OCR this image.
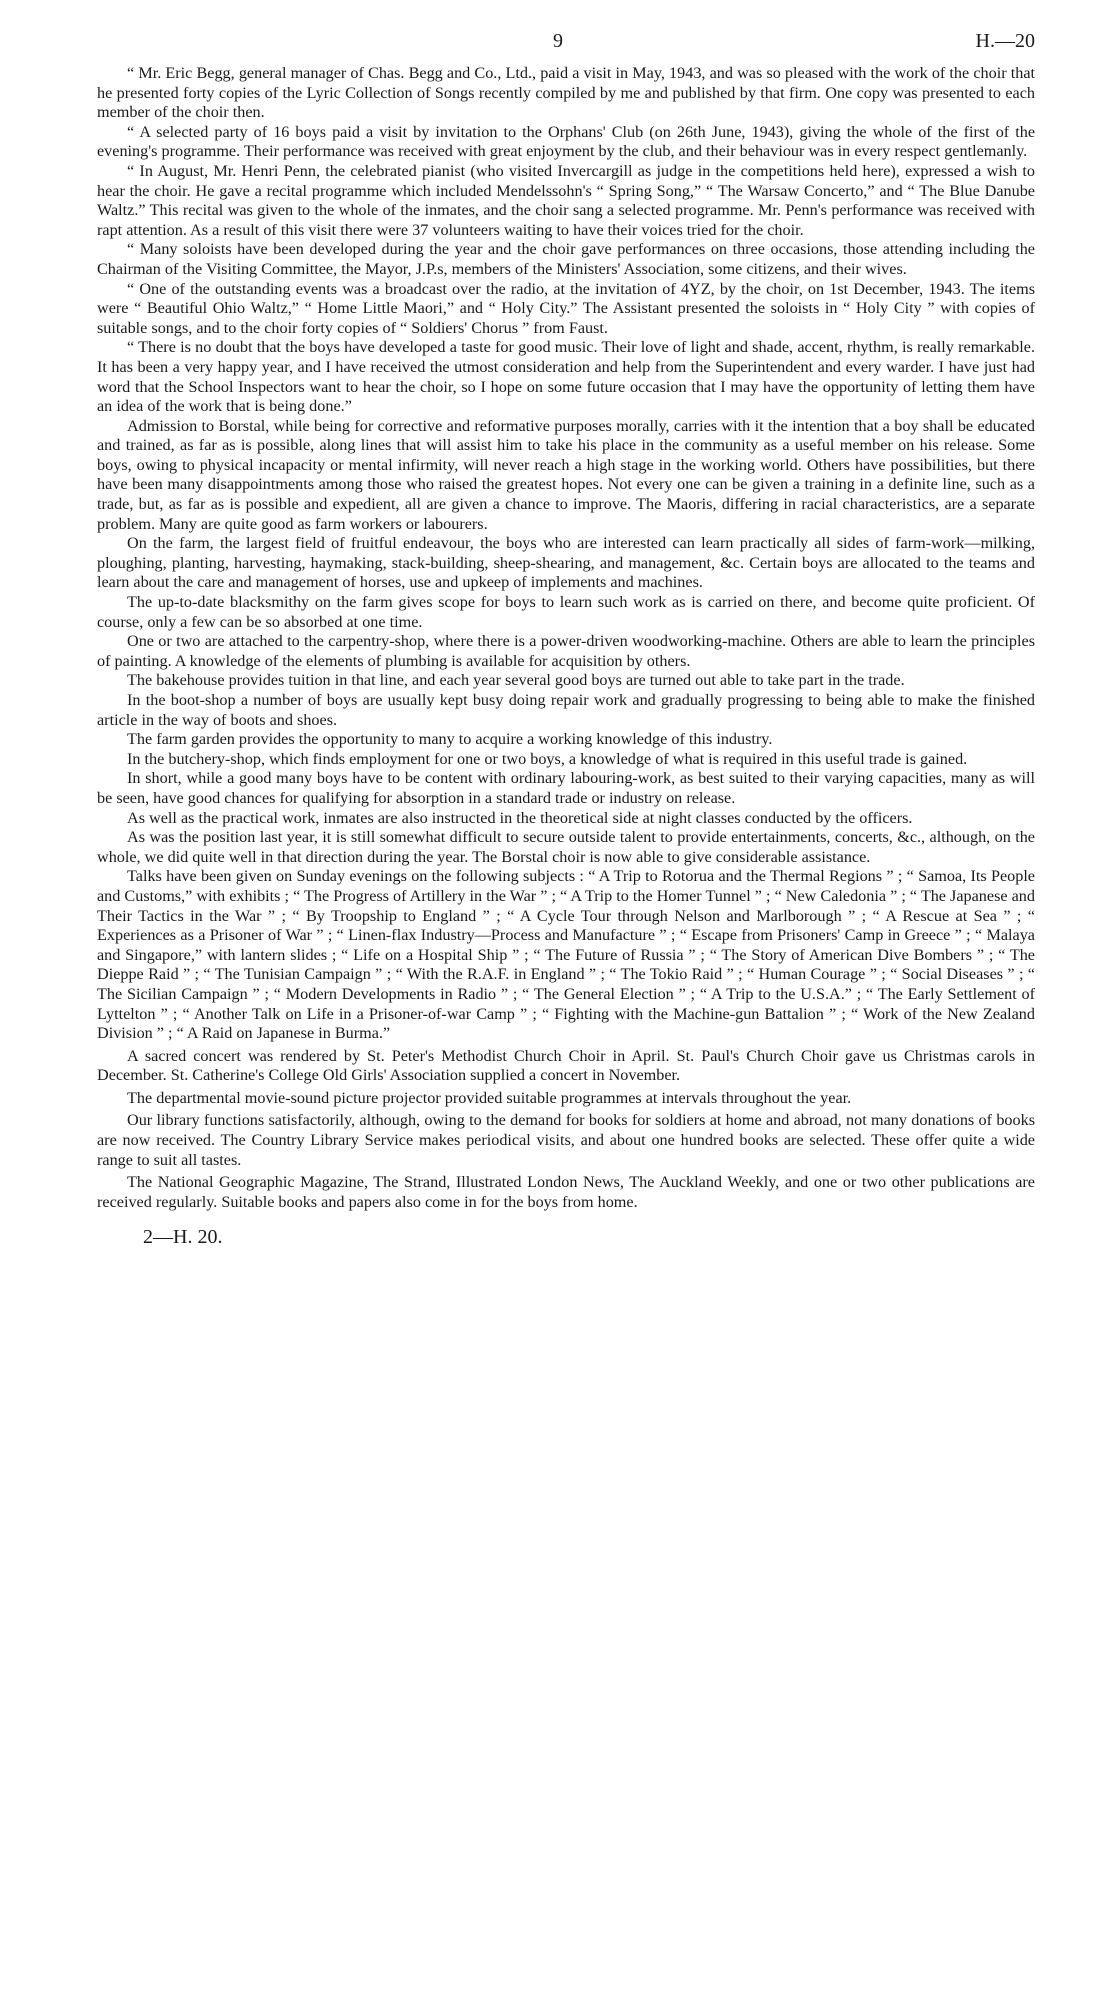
9	H.—20

“ Mr. Eric Begg, general manager of Chas. Begg and Co., Ltd., paid a visit in May, 1943, and was so pleased with the work of the choir that he presented forty copies of the Lyric Collection of Songs recently compiled by me and published by that firm. One copy was presented to each member of the choir then.

“ A selected party of 16 boys paid a visit by invitation to the Orphans' Club (on 26th June, 1943), giving the whole of the first of the evening's programme. Their performance was received with great enjoyment by the club, and their behaviour was in every respect gentlemanly.

“ In August, Mr. Henri Penn, the celebrated pianist (who visited Invercargill as judge in the competitions held here), expressed a wish to hear the choir. He gave a recital programme which included Mendelssohn's “ Spring Song,” “ The Warsaw Concerto,” and “ The Blue Danube Waltz.” This recital was given to the whole of the inmates, and the choir sang a selected programme. Mr. Penn's performance was received with rapt attention. As a result of this visit there were 37 volunteers waiting to have their voices tried for the choir.

“ Many soloists have been developed during the year and the choir gave performances on three occasions, those attending including the Chairman of the Visiting Committee, the Mayor, J.P.s, members of the Ministers' Association, some citizens, and their wives.

“ One of the outstanding events was a broadcast over the radio, at the invitation of 4YZ, by the choir, on 1st December, 1943. The items were “ Beautiful Ohio Waltz,” “ Home Little Maori,” and “ Holy City.” The Assistant presented the soloists in “ Holy City ” with copies of suitable songs, and to the choir forty copies of “ Soldiers' Chorus ” from Faust.

“ There is no doubt that the boys have developed a taste for good music. Their love of light and shade, accent, rhythm, is really remarkable. It has been a very happy year, and I have received the utmost consideration and help from the Superintendent and every warder. I have just had word that the School Inspectors want to hear the choir, so I hope on some future occasion that I may have the opportunity of letting them have an idea of the work that is being done.”

Admission to Borstal, while being for corrective and reformative purposes morally, carries with it the intention that a boy shall be educated and trained, as far as is possible, along lines that will assist him to take his place in the community as a useful member on his release. Some boys, owing to physical incapacity or mental infirmity, will never reach a high stage in the working world. Others have possibilities, but there have been many disappointments among those who raised the greatest hopes. Not every one can be given a training in a definite line, such as a trade, but, as far as is possible and expedient, all are given a chance to improve. The Maoris, differing in racial characteristics, are a separate problem. Many are quite good as farm workers or labourers.

On the farm, the largest field of fruitful endeavour, the boys who are interested can learn practically all sides of farm-work—milking, ploughing, planting, harvesting, haymaking, stack-building, sheep-shearing, and management, &c. Certain boys are allocated to the teams and learn about the care and management of horses, use and upkeep of implements and machines.

The up-to-date blacksmithy on the farm gives scope for boys to learn such work as is carried on there, and become quite proficient. Of course, only a few can be so absorbed at one time.

One or two are attached to the carpentry-shop, where there is a power-driven woodworking-machine. Others are able to learn the principles of painting. A knowledge of the elements of plumbing is available for acquisition by others.

The bakehouse provides tuition in that line, and each year several good boys are turned out able to take part in the trade.

In the boot-shop a number of boys are usually kept busy doing repair work and gradually progressing to being able to make the finished article in the way of boots and shoes.

The farm garden provides the opportunity to many to acquire a working knowledge of this industry.

In the butchery-shop, which finds employment for one or two boys, a knowledge of what is required in this useful trade is gained.

In short, while a good many boys have to be content with ordinary labouring-work, as best suited to their varying capacities, many as will be seen, have good chances for qualifying for absorption in a standard trade or industry on release.

As well as the practical work, inmates are also instructed in the theoretical side at night classes conducted by the officers.

As was the position last year, it is still somewhat difficult to secure outside talent to provide entertainments, concerts, &c., although, on the whole, we did quite well in that direction during the year. The Borstal choir is now able to give considerable assistance.

Talks have been given on Sunday evenings on the following subjects : “ A Trip to Rotorua and the Thermal Regions ” ; “ Samoa, Its People and Customs,” with exhibits ; “ The Progress of Artillery in the War ” ; “ A Trip to the Homer Tunnel ” ; “ New Caledonia ” ; “ The Japanese and Their Tactics in the War ” ; “ By Troopship to England ” ; “ A Cycle Tour through Nelson and Marlborough ” ; “ A Rescue at Sea ” ; “ Experiences as a Prisoner of War ” ; “ Linen-flax Industry—Process and Manufacture ” ; “ Escape from Prisoners' Camp in Greece ” ; “ Malaya and Singapore,” with lantern slides ; “ Life on a Hospital Ship ” ; “ The Future of Russia ” ; “ The Story of American Dive Bombers ” ; “ The Dieppe Raid ” ; “ The Tunisian Campaign ” ; “ With the R.A.F. in England ” ; “ The Tokio Raid ” ; “ Human Courage ” ; “ Social Diseases ” ; “ The Sicilian Campaign ” ; “ Modern Developments in Radio ” ; “ The General Election ” ; “ A Trip to the U.S.A.” ; “ The Early Settlement of Lyttelton ” ; “ Another Talk on Life in a Prisoner-of-war Camp ” ; “ Fighting with the Machine-gun Battalion ” ; “ Work of the New Zealand Division ” ; “ A Raid on Japanese in Burma.”

A sacred concert was rendered by St. Peter's Methodist Church Choir in April. St. Paul's Church Choir gave us Christmas carols in December. St. Catherine's College Old Girls' Association supplied a concert in November.

The departmental movie-sound picture projector provided suitable programmes at intervals throughout the year.

Our library functions satisfactorily, although, owing to the demand for books for soldiers at home and abroad, not many donations of books are now received. The Country Library Service makes periodical visits, and about one hundred books are selected. These offer quite a wide range to suit all tastes.

The National Geographic Magazine, The Strand, Illustrated London News, The Auckland Weekly, and one or two other publications are received regularly. Suitable books and papers also come in for the boys from home.

2—H. 20.
